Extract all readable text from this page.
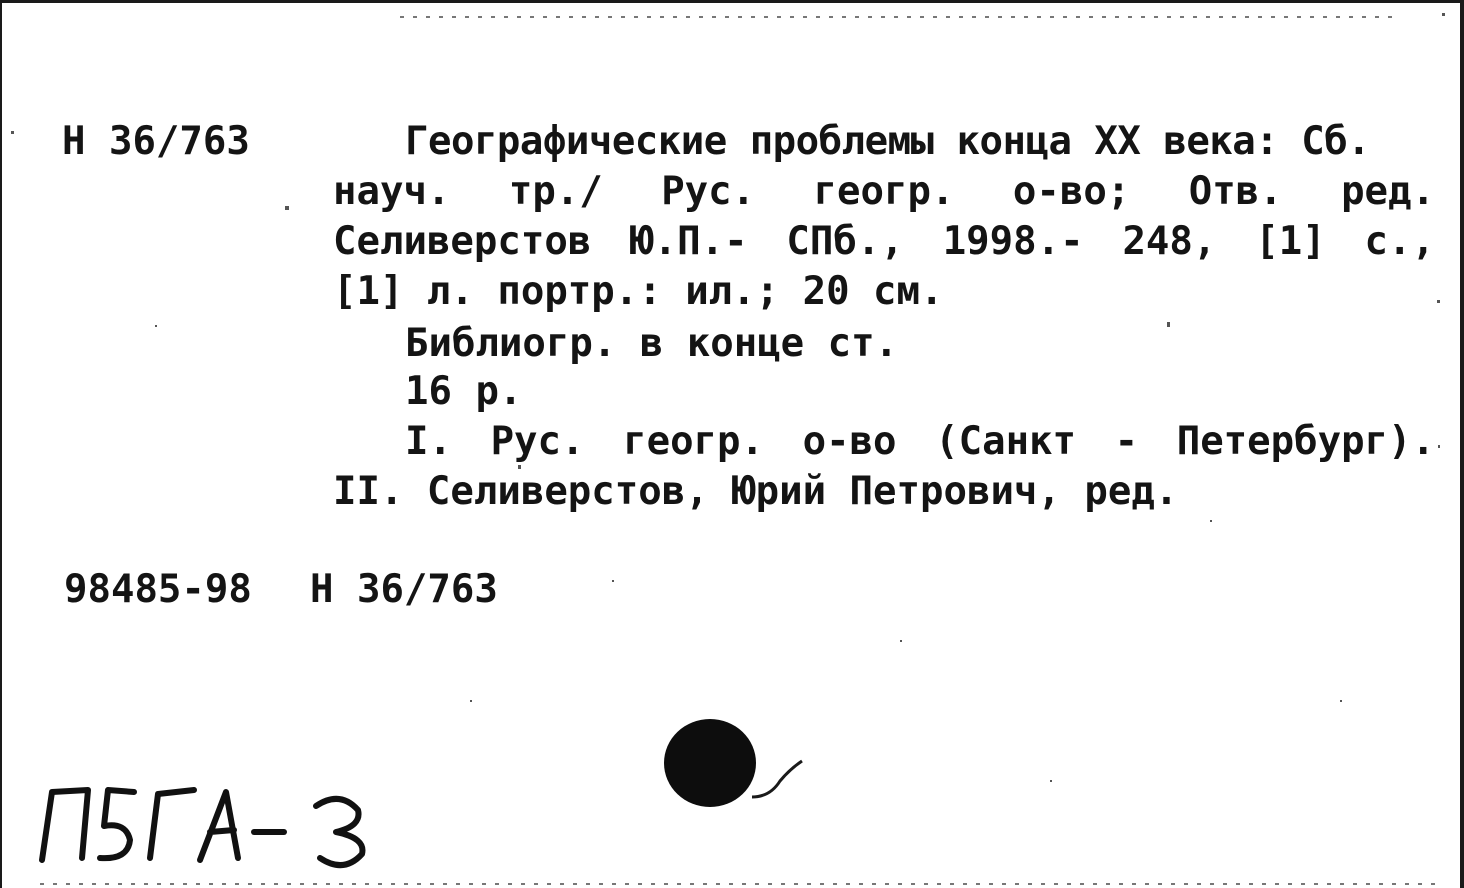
Н 36/763	Географические проблемы конца XX века: Сб.
науч. тр./ Рус. геогр. о-во; Отв. ред.
Селиверстов Ю.П.- СПб., 1998.- 248, [1] с.,
[1] л. портр.: ил.; 20 см.
Библиогр. в конце ст.
16 р.
I. Рус. геогр. о-во (Санкт - Петербург).
II. Селиверстов, Юрий Петрович, ред.
98485-98 Н 36/763
